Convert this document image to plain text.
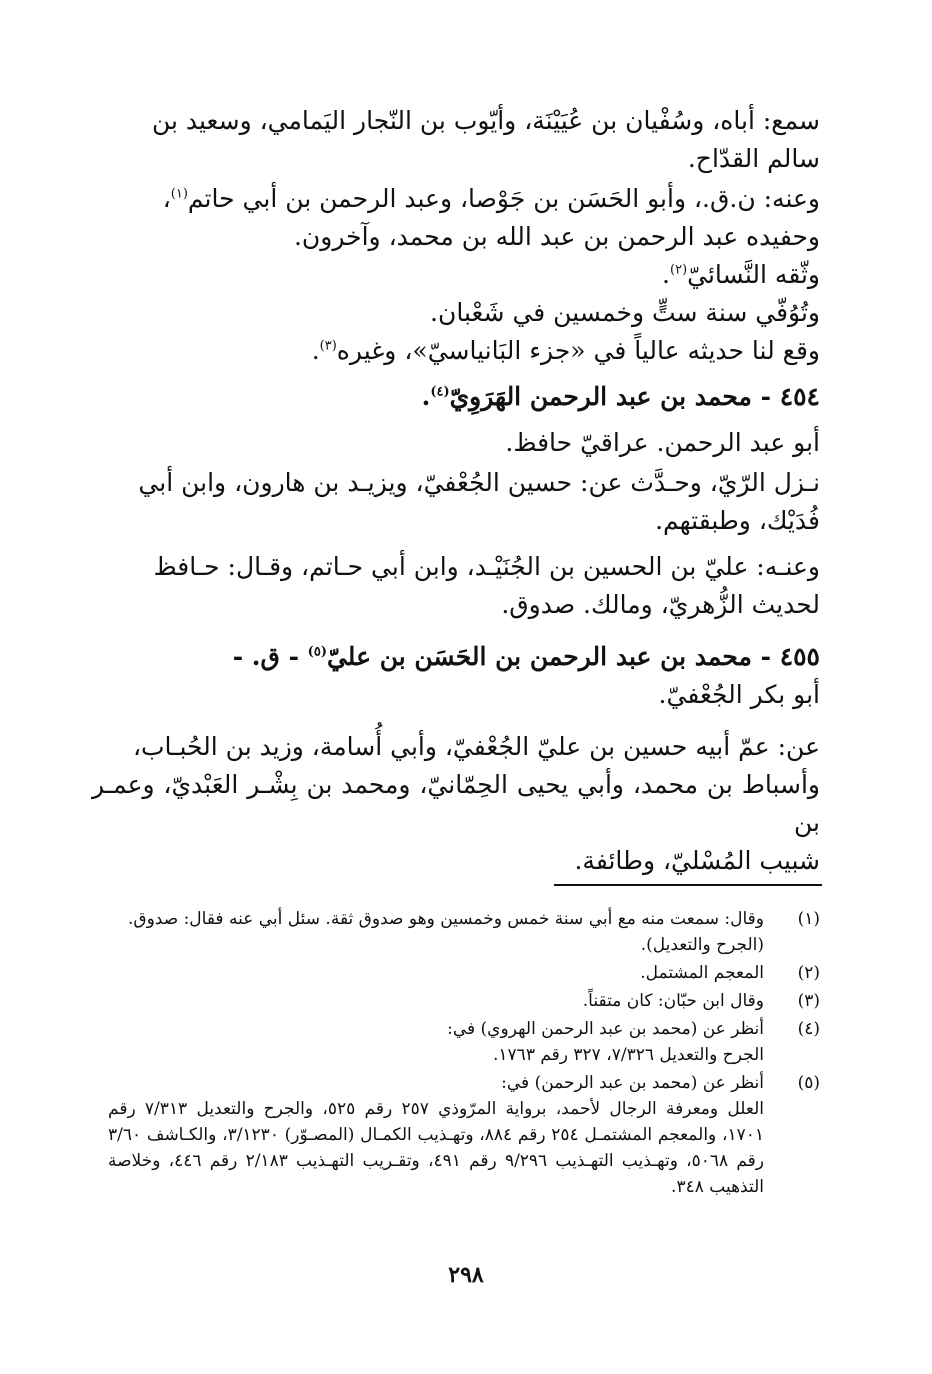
سمع: أباه، وسُفْيان بن عُيَيْنَة، وأيّوب بن النّجار اليَمامي، وسعيد بن
سالم القدّاح.

وعنه: ن.ق.، وأبو الحَسَن بن جَوْصا، وعبد الرحمن بن أبي حاتم$^{(١)}$،
وحفيده عبد الرحمن بن عبد الله بن محمد، وآخرون.

وثّقه النَّسائيّ$^{(٢)}$.

وتُوُفّي سنة ستٍّ وخمسين في شَعْبان.

وقع لنا حديثه عالياً في «جزء البَانياسيّ»، وغيره$^{(٣)}$.

٤٥٤ - محمد بن عبد الرحمن الهَرَوِيّ$^{(٤)}$.

أبو عبد الرحمن. عراقيّ حافظ.

نـزل الرّيّ، وحـدَّث عن: حسين الجُعْفيّ، ويزيـد بن هارون، وابن أبي
فُدَيْك، وطبقتهم.

وعنـه: عليّ بن الحسين بن الجُنَيْـد، وابن أبي حـاتم، وقـال: حـافظ
لحديث الزُّهريّ، ومالك. صدوق.

٤٥٥ - محمد بن عبد الرحمن بن الحَسَن بن عليّ$^{(٥)}$ - ق. -

أبو بكر الجُعْفيّ.

عن: عمّ أبيه حسين بن عليّ الجُعْفيّ، وأبي أُسامة، وزيد بن الحُبـاب،
وأسباط بن محمد، وأبي يحيى الحِمّانيّ، ومحمد بن بِشْـر العَبْديّ، وعمـر بن
شبيب المُسْليّ، وطائفة.

(١)

وقال: سمعت منه مع أبي سنة خمس وخمسين وهو صدوق ثقة. سئل أبي عنه فقال: صدوق.

(الجرح والتعديل).

(٢)

المعجم المشتمل.

(٣)

وقال ابن حبّان: كان متقناً.

(٤)

أنظر عن (محمد بن عبد الرحمن الهروي) في:

الجرح والتعديل ٧/٣٢٦، ٣٢٧ رقم ١٧٦٣.

(٥)

أنظر عن (محمد بن عبد الرحمن) في:

العلل ومعرفة الرجال لأحمد، برواية المرّوذي ٢٥٧ رقم ٥٢٥، والجرح والتعديل ٧/٣١٣ رقم ١٧٠١، والمعجم المشتمـل ٢٥٤ رقم ٨٨٤، وتهـذيب الكمـال (المصـوّر) ٣/١٢٣٠، والكـاشف ٣/٦٠ رقم ٥٠٦٨، وتهـذيب التهـذيب ٩/٢٩٦ رقم ٤٩١، وتقـريب التهـذيب ٢/١٨٣ رقم ٤٤٦، وخلاصة التذهيب ٣٤٨.

٢٩٨
